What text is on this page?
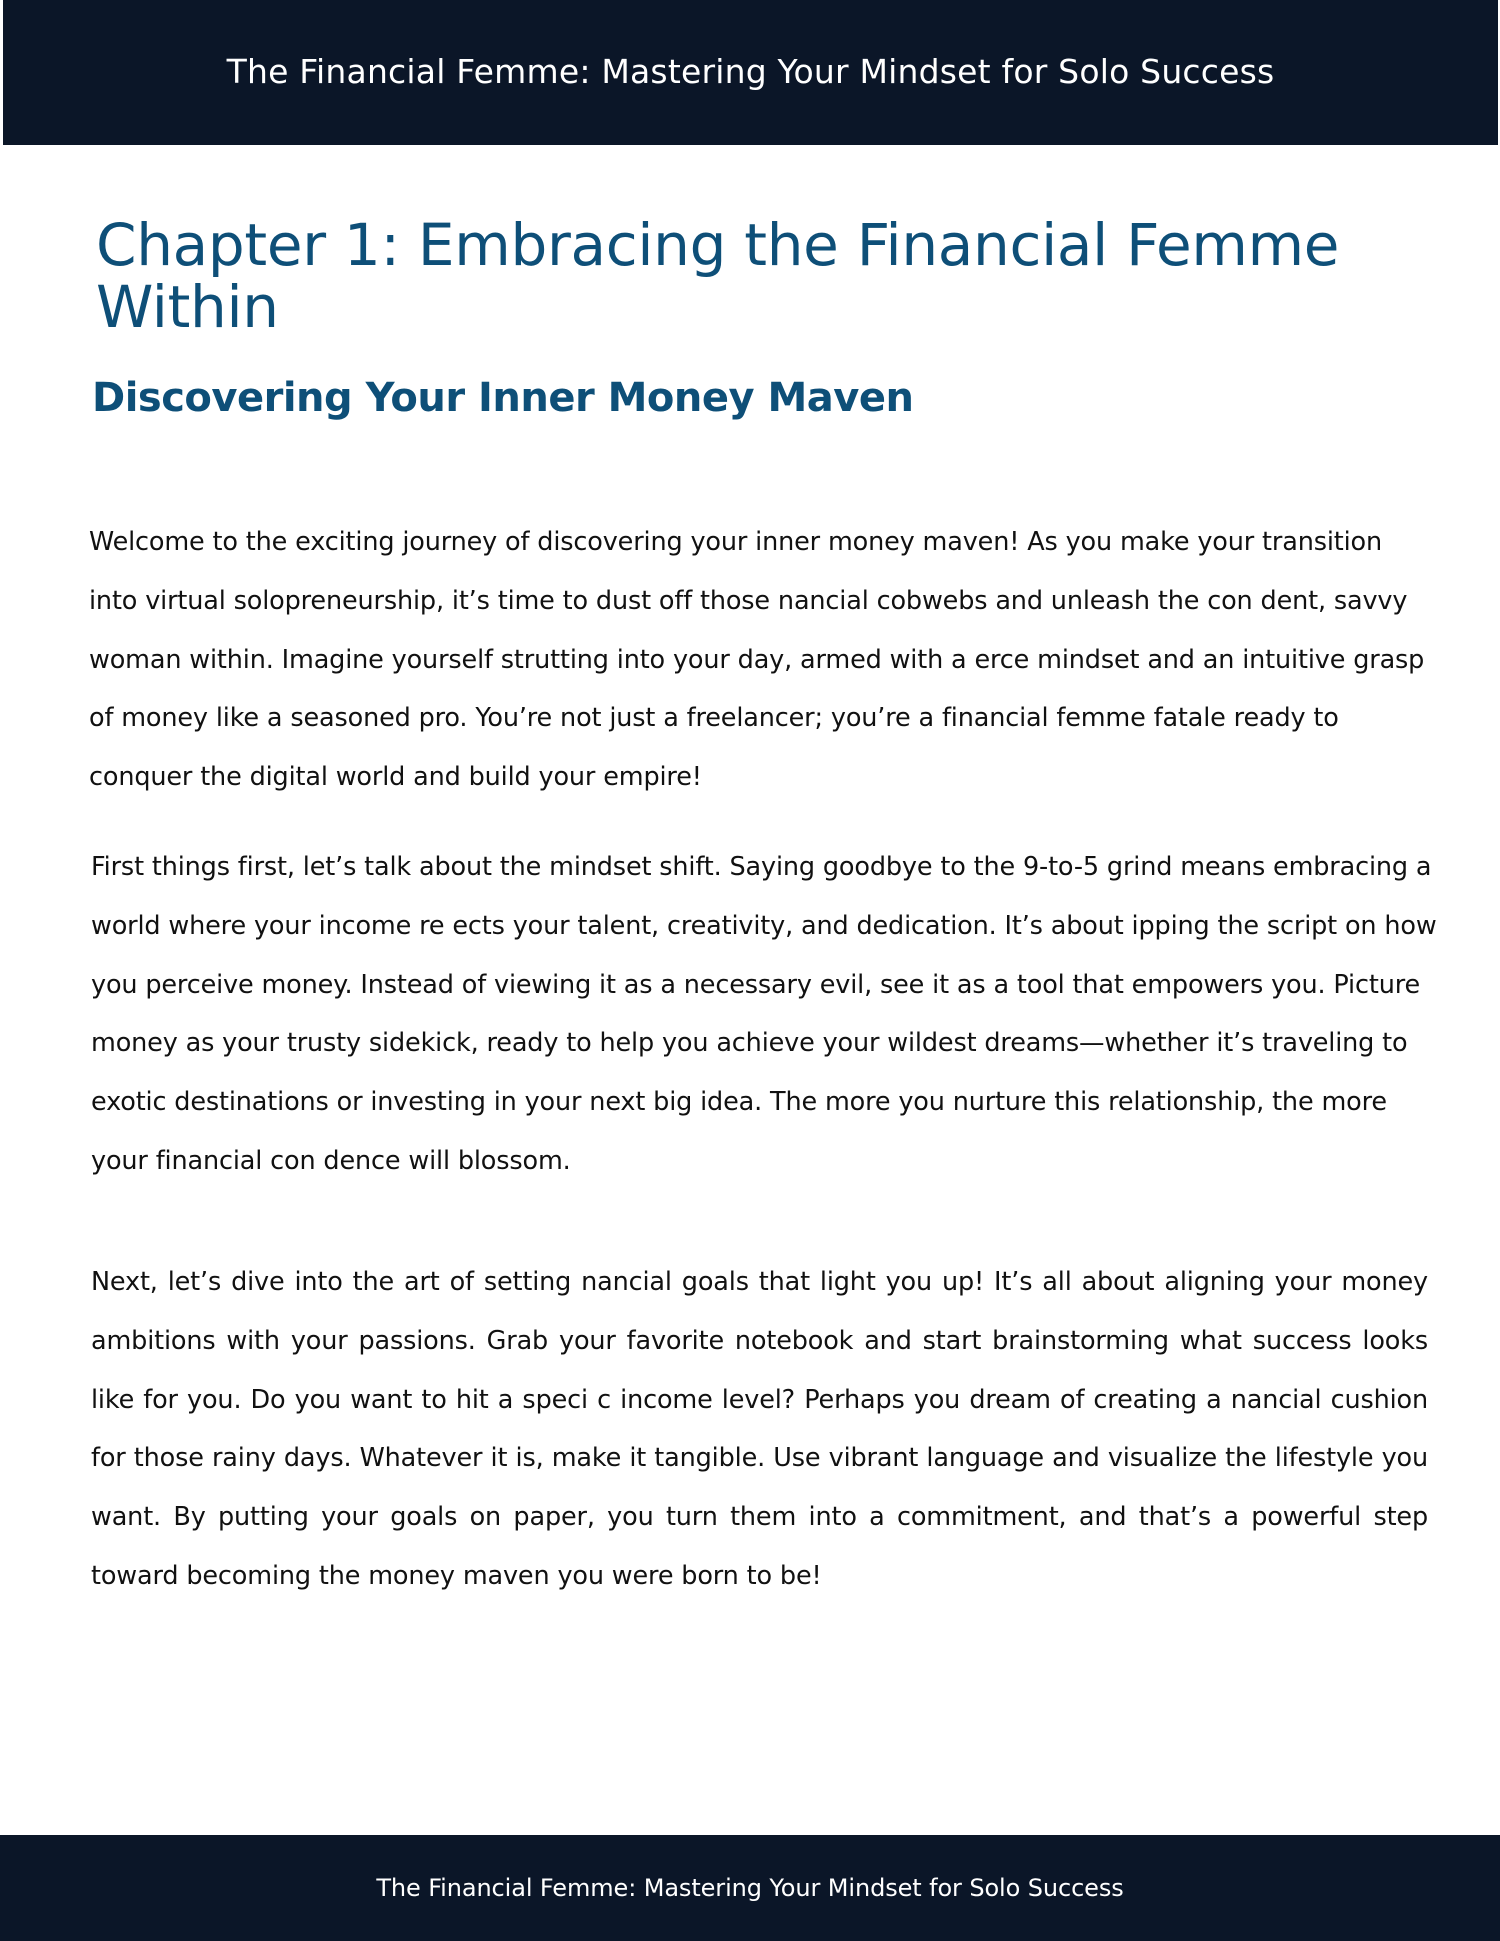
The Financial Femme: Mastering Your Mindset for Solo Success
Chapter 1: Embracing the Financial Femme Within
Discovering Your Inner Money Maven

Welcome to the exciting journey of discovering your inner money maven! As you make your transition into virtual solopreneurship, it’s time to dust off those nancial cobwebs and unleash the con dent, savvy woman within. Imagine yourself strutting into your day, armed with a erce mindset and an intuitive grasp of money like a seasoned pro. You’re not just a freelancer; you’re a financial femme fatale ready to conquer the digital world and build your empire!

First things first, let’s talk about the mindset shift. Saying goodbye to the 9-to-5 grind means embracing a world where your income re ects your talent, creativity, and dedication. It’s about ipping the script on how you perceive money. Instead of viewing it as a necessary evil, see it as a tool that empowers you. Picture money as your trusty sidekick, ready to help you achieve your wildest dreams—whether it’s traveling to exotic destinations or investing in your next big idea. The more you nurture this relationship, the more your financial con dence will blossom.

Next, let’s dive into the art of setting nancial goals that light you up! It’s all about aligning your money ambitions with your passions. Grab your favorite notebook and start brainstorming what success looks like for you. Do you want to hit a speci c income level? Perhaps you dream of creating a nancial cushion for those rainy days. Whatever it is, make it tangible. Use vibrant language and visualize the lifestyle you want. By putting your goals on paper, you turn them into a commitment, and that’s a powerful step toward becoming the money maven you were born to be!

The Financial Femme: Mastering Your Mindset for Solo Success
